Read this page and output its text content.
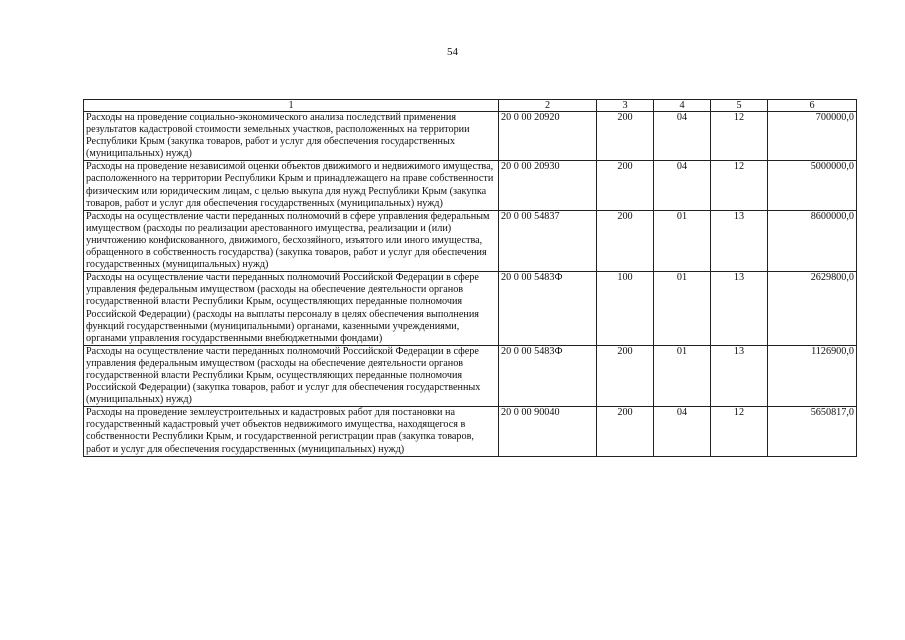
54
1	2	3	4	5	6
Расходы на проведение социально-экономического анализа последствий применения результатов кадастровой стоимости земельных участков, расположенных на территории Республики Крым (закупка товаров, работ и услуг для обеспечения государственных (муниципальных) нужд)	20 0 00 20920	200	04	12	700000,0
Расходы на проведение независимой оценки объектов движимого и недвижимого имущества, расположенного на территории Республики Крым и принадлежащего на праве собственности физическим или юридическим лицам, с целью выкупа для нужд Республики Крым (закупка товаров, работ и услуг для обеспечения государственных (муниципальных) нужд)	20 0 00 20930	200	04	12	5000000,0
Расходы на осуществление части переданных полномочий в сфере управления федеральным имуществом (расходы по реализации арестованного имущества, реализации и (или) уничтожению конфискованного, движимого, бесхозяйного, изъятого или иного имущества, обращенного в собственность государства) (закупка товаров, работ и услуг для обеспечения государственных (муниципальных) нужд)	20 0 00 54837	200	01	13	8600000,0
Расходы на осуществление части переданных полномочий Российской Федерации в сфере управления федеральным имуществом (расходы на обеспечение деятельности органов государственной власти Республики Крым, осуществляющих переданные полномочия Российской Федерации) (расходы на выплаты персоналу в целях обеспечения выполнения функций государственными (муниципальными) органами, казенными учреждениями, органами управления государственными внебюджетными фондами)	20 0 00 5483Ф	100	01	13	2629800,0
Расходы на осуществление части переданных полномочий Российской Федерации в сфере управления федеральным имуществом (расходы на обеспечение деятельности органов государственной власти Республики Крым, осуществляющих переданные полномочия Российской Федерации) (закупка товаров, работ и услуг для обеспечения государственных (муниципальных) нужд)	20 0 00 5483Ф	200	01	13	1126900,0
Расходы на проведение землеустроительных и кадастровых работ для постановки на государственный кадастровый учет объектов недвижимого имущества, находящегося в собственности Республики Крым, и государственной регистрации прав (закупка товаров, работ и услуг для обеспечения государственных (муниципальных) нужд)	20 0 00 90040	200	04	12	5650817,0
